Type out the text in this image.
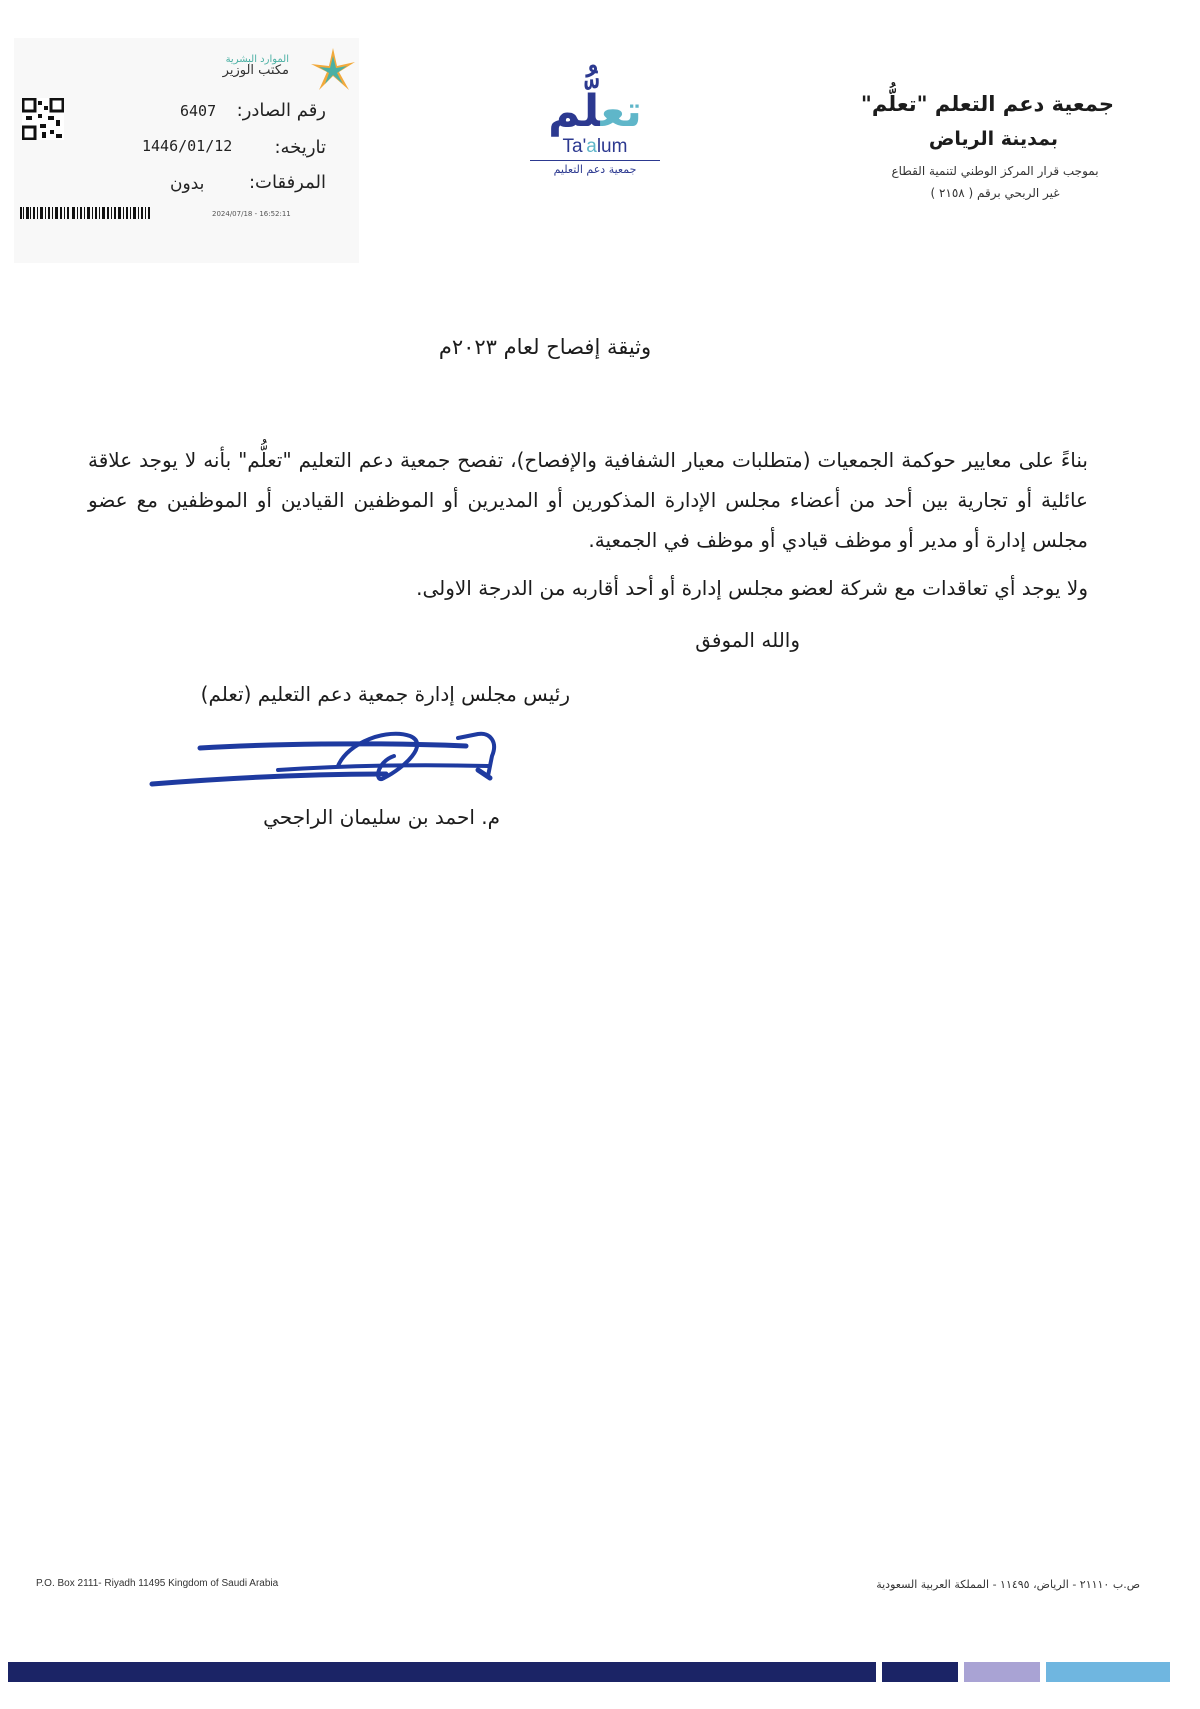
جمعية دعم التعلم "تعلُّم"
بمدينة الرياض
بموجب قرار المركز الوطني لتنمية القطاع
غير الربحي برقم ( ٢١٥٨ )
تعلُّم
Ta'alum
جمعية دعم التعليم
الموارد البشرية
مكتب الوزير
رقم الصادر:
6407
تاريخه:
1446/01/12
المرفقات:
بدون
2024/07/18 - 16:52:11
وثيقة إفصاح لعام ٢٠٢٣م
بناءً على معايير حوكمة الجمعيات (متطلبات معيار الشفافية والإفصاح)، تفصح جمعية دعم التعليم "تعلُّم" بأنه لا يوجد علاقة عائلية أو تجارية بين أحد من أعضاء مجلس الإدارة المذكورين أو المديرين أو الموظفين القيادين أو الموظفين مع عضو مجلس إدارة أو مدير أو موظف قيادي أو موظف في الجمعية.
ولا يوجد أي تعاقدات مع شركة لعضو مجلس إدارة أو أحد أقاربه من الدرجة الاولى.
والله الموفق
رئيس مجلس إدارة جمعية دعم التعليم (تعلم)
م. احمد بن سليمان الراجحي
P.O. Box 2111- Riyadh 11495 Kingdom of Saudi Arabia	ص.ب ٢١١١٠ - الرياض، ١١٤٩٥ - المملكة العربية السعودية
